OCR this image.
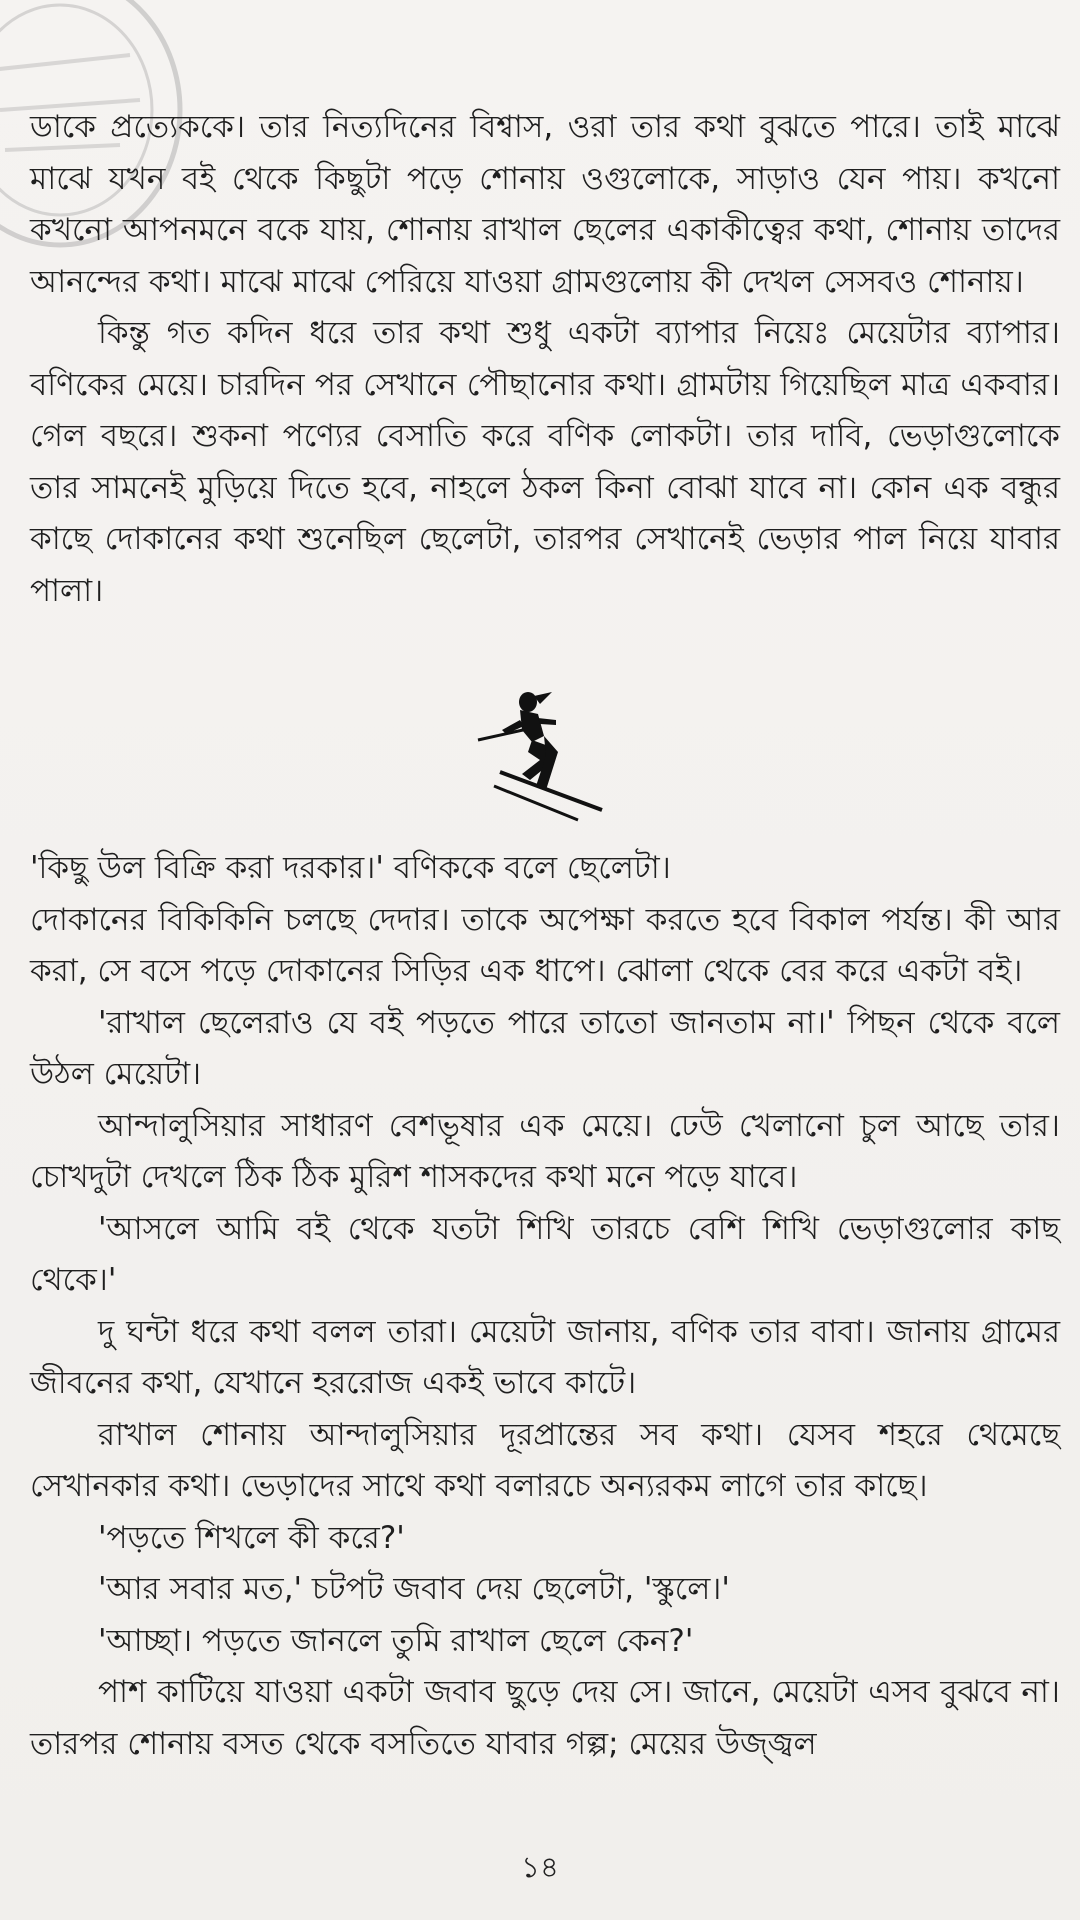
ডাকে প্রত্যেককে। তার নিত্যদিনের বিশ্বাস, ওরা তার কথা বুঝতে পারে। তাই মাঝে মাঝে যখন বই থেকে কিছুটা পড়ে শোনায় ওগুলোকে, সাড়াও যেন পায়। কখনো কখনো আপনমনে বকে যায়, শোনায় রাখাল ছেলের একাকীত্বের কথা, শোনায় তাদের আনন্দের কথা। মাঝে মাঝে পেরিয়ে যাওয়া গ্রামগুলোয় কী দেখল সেসবও শোনায়।

কিন্তু গত কদিন ধরে তার কথা শুধু একটা ব্যাপার নিয়েঃ মেয়েটার ব্যাপার। বণিকের মেয়ে। চারদিন পর সেখানে পৌছানোর কথা। গ্রামটায় গিয়েছিল মাত্র একবার। গেল বছরে। শুকনা পণ্যের বেসাতি করে বণিক লোকটা। তার দাবি, ভেড়াগুলোকে তার সামনেই মুড়িয়ে দিতে হবে, নাহলে ঠকল কিনা বোঝা যাবে না। কোন এক বন্ধুর কাছে দোকানের কথা শুনেছিল ছেলেটা, তারপর সেখানেই ভেড়ার পাল নিয়ে যাবার পালা।

'কিছু উল বিক্রি করা দরকার।' বণিককে বলে ছেলেটা।

দোকানের বিকিকিনি চলছে দেদার। তাকে অপেক্ষা করতে হবে বিকাল পর্যন্ত। কী আর করা, সে বসে পড়ে দোকানের সিড়ির এক ধাপে। ঝোলা থেকে বের করে একটা বই।

'রাখাল ছেলেরাও যে বই পড়তে পারে তাতো জানতাম না।' পিছন থেকে বলে উঠল মেয়েটা।

আন্দালুসিয়ার সাধারণ বেশভূষার এক মেয়ে। ঢেউ খেলানো চুল আছে তার। চোখদুটা দেখলে ঠিক ঠিক মুরিশ শাসকদের কথা মনে পড়ে যাবে।

'আসলে আমি বই থেকে যতটা শিখি তারচে বেশি শিখি ভেড়াগুলোর কাছ থেকে।'

দু ঘন্টা ধরে কথা বলল তারা। মেয়েটা জানায়, বণিক তার বাবা। জানায় গ্রামের জীবনের কথা, যেখানে হররোজ একই ভাবে কাটে।

রাখাল শোনায় আন্দালুসিয়ার দূরপ্রান্তের সব কথা। যেসব শহরে থেমেছে সেখানকার কথা। ভেড়াদের সাথে কথা বলারচে অন্যরকম লাগে তার কাছে।

'পড়তে শিখলে কী করে?'

'আর সবার মত,' চটপট জবাব দেয় ছেলেটা, 'স্কুলে।'

'আচ্ছা। পড়তে জানলে তুমি রাখাল ছেলে কেন?'

পাশ কাটিয়ে যাওয়া একটা জবাব ছুড়ে দেয় সে। জানে, মেয়েটা এসব বুঝবে না। তারপর শোনায় বসত থেকে বসতিতে যাবার গল্প; মেয়ের উজ্জ্বল

১৪
